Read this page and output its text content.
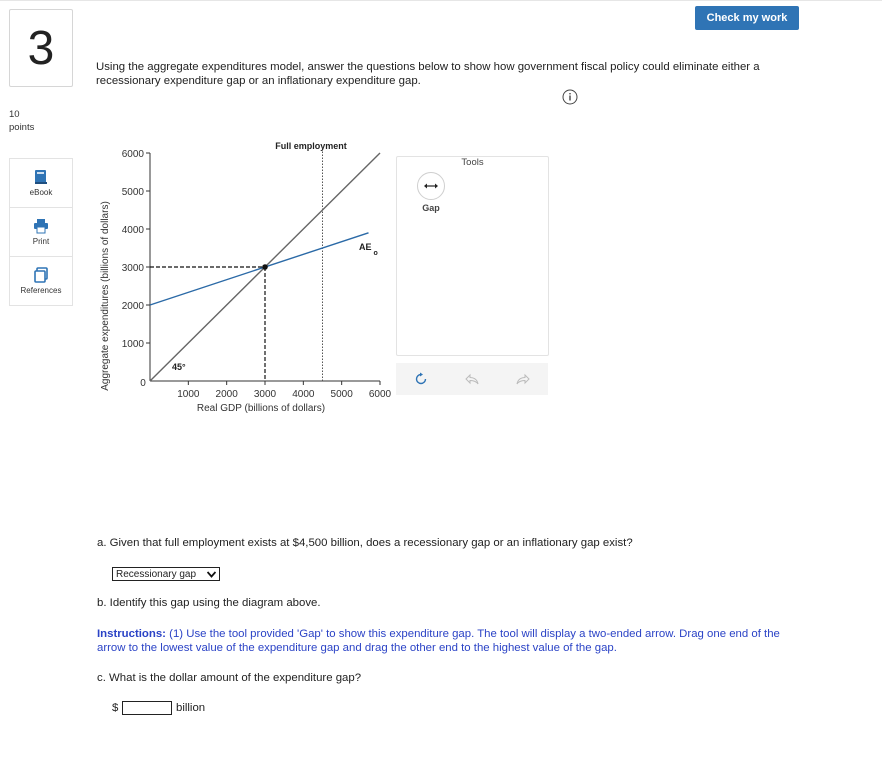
Check my work
3
10
points
eBook
Print
References
Using the aggregate expenditures model, answer the questions below to show how government fiscal policy could eliminate either a recessionary expenditure gap or an inflationary expenditure gap.
Aggregate expenditures (billions of dollars)
Real GDP (billions of dollars)
0
Full employment
45°
$AE_o$
1000 2000 3000 4000 5000 6000
6000
5000
4000
3000
2000
1000
Tools
Gap
a. Given that full employment exists at $4,500 billion, does a recessionary gap or an inflationary gap exist?
Recessionary gap
b. Identify this gap using the diagram above.
Instructions: (1) Use the tool provided 'Gap' to show this expenditure gap. The tool will display a two-ended arrow. Drag one end of the arrow to the lowest value of the expenditure gap and drag the other end to the highest value of the gap.
c. What is the dollar amount of the expenditure gap?
$	billion
